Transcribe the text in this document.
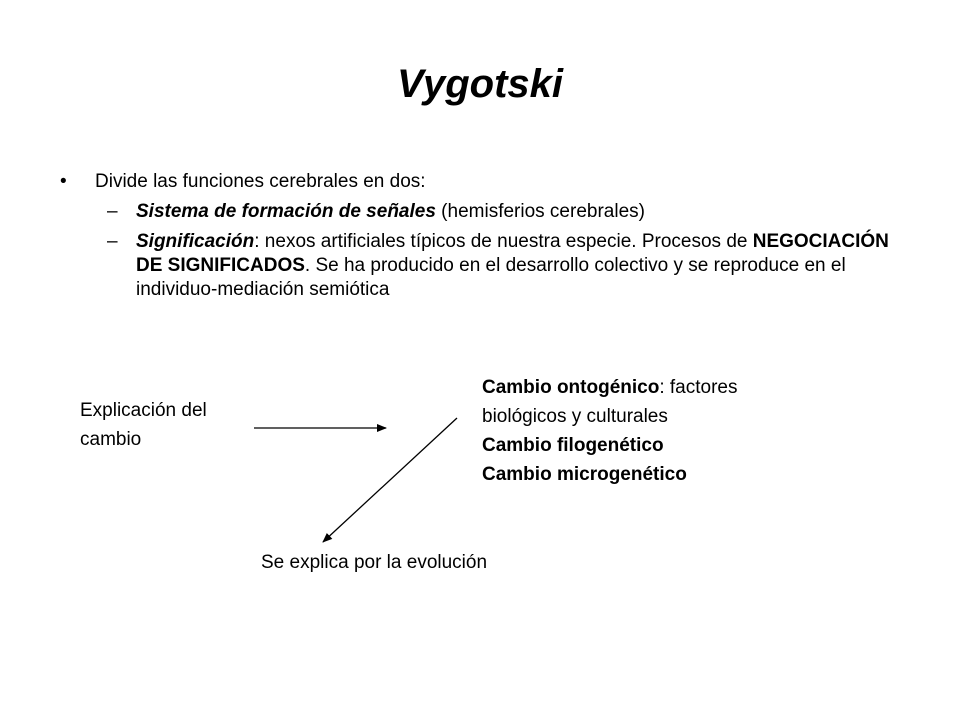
Vygotski
• Divide las funciones cerebrales en dos:
– Sistema de formación de señales (hemisferios cerebrales)
– Significación: nexos artificiales típicos de nuestra especie. Procesos de NEGOCIACIÓN DE SIGNIFICADOS. Se ha producido en el desarrollo colectivo y se reproduce en el individuo-mediación semiótica
Explicación del cambio
Cambio ontogénico: factores biológicos y culturales
Cambio filogenético
Cambio microgenético
Se explica por la evolución
